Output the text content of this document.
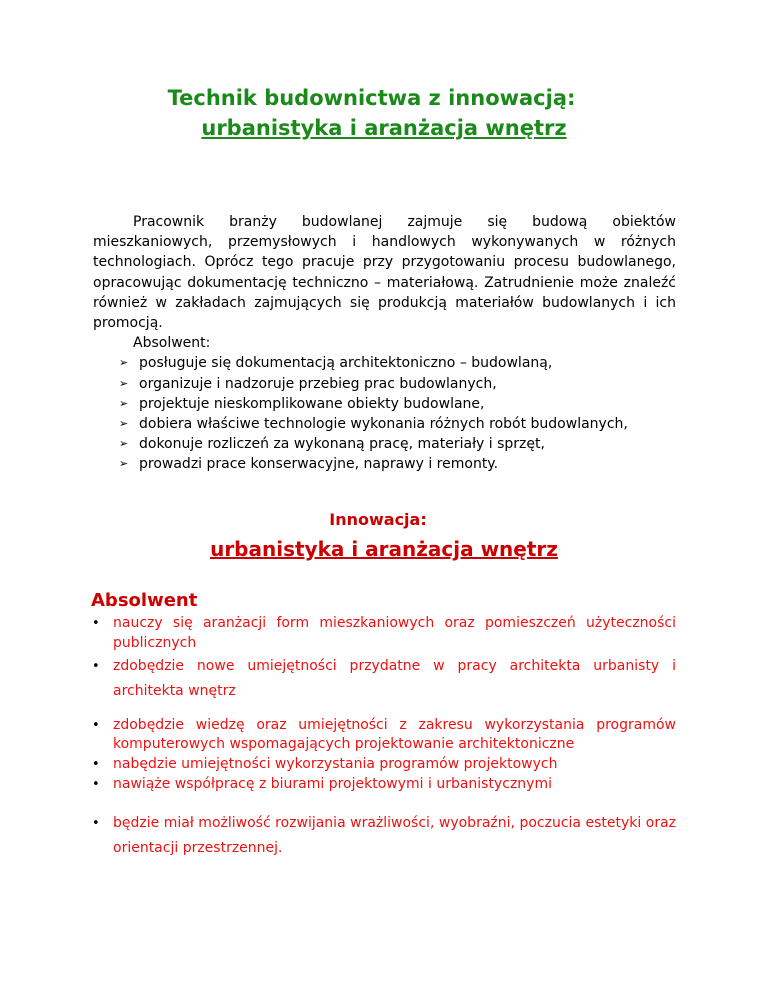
Technik budownictwa z innowacją:
urbanistyka i aranżacja wnętrz

Pracownik branży budowlanej zajmuje się budową obiektów mieszkaniowych, przemysłowych i handlowych wykonywanych w różnych technologiach. Oprócz tego pracuje przy przygotowaniu procesu budowlanego, opracowując dokumentację techniczno – materiałową. Zatrudnienie może znaleźć również w zakładach zajmujących się produkcją materiałów budowlanych i ich promocją.

Absolwent:
➢ posługuje się dokumentacją architektoniczno – budowlaną,
➢ organizuje i nadzoruje przebieg prac budowlanych,
➢ projektuje nieskomplikowane obiekty budowlane,
➢ dobiera właściwe technologie wykonania różnych robót budowlanych,
➢ dokonuje rozliczeń za wykonaną pracę, materiały i sprzęt,
➢ prowadzi prace konserwacyjne, naprawy i remonty.
Innowacja:
urbanistyka i aranżacja wnętrz
Absolwent
• nauczy się aranżacji form mieszkaniowych oraz pomieszczeń użyteczności publicznych
• zdobędzie nowe umiejętności przydatne w pracy architekta urbanisty i architekta wnętrz
• zdobędzie wiedzę oraz umiejętności z zakresu wykorzystania programów komputerowych wspomagających projektowanie architektoniczne
• nabędzie umiejętności wykorzystania programów projektowych
• nawiąże współpracę z biurami projektowymi i urbanistycznymi
• będzie miał możliwość rozwijania wrażliwości, wyobraźni, poczucia estetyki oraz orientacji przestrzennej.
